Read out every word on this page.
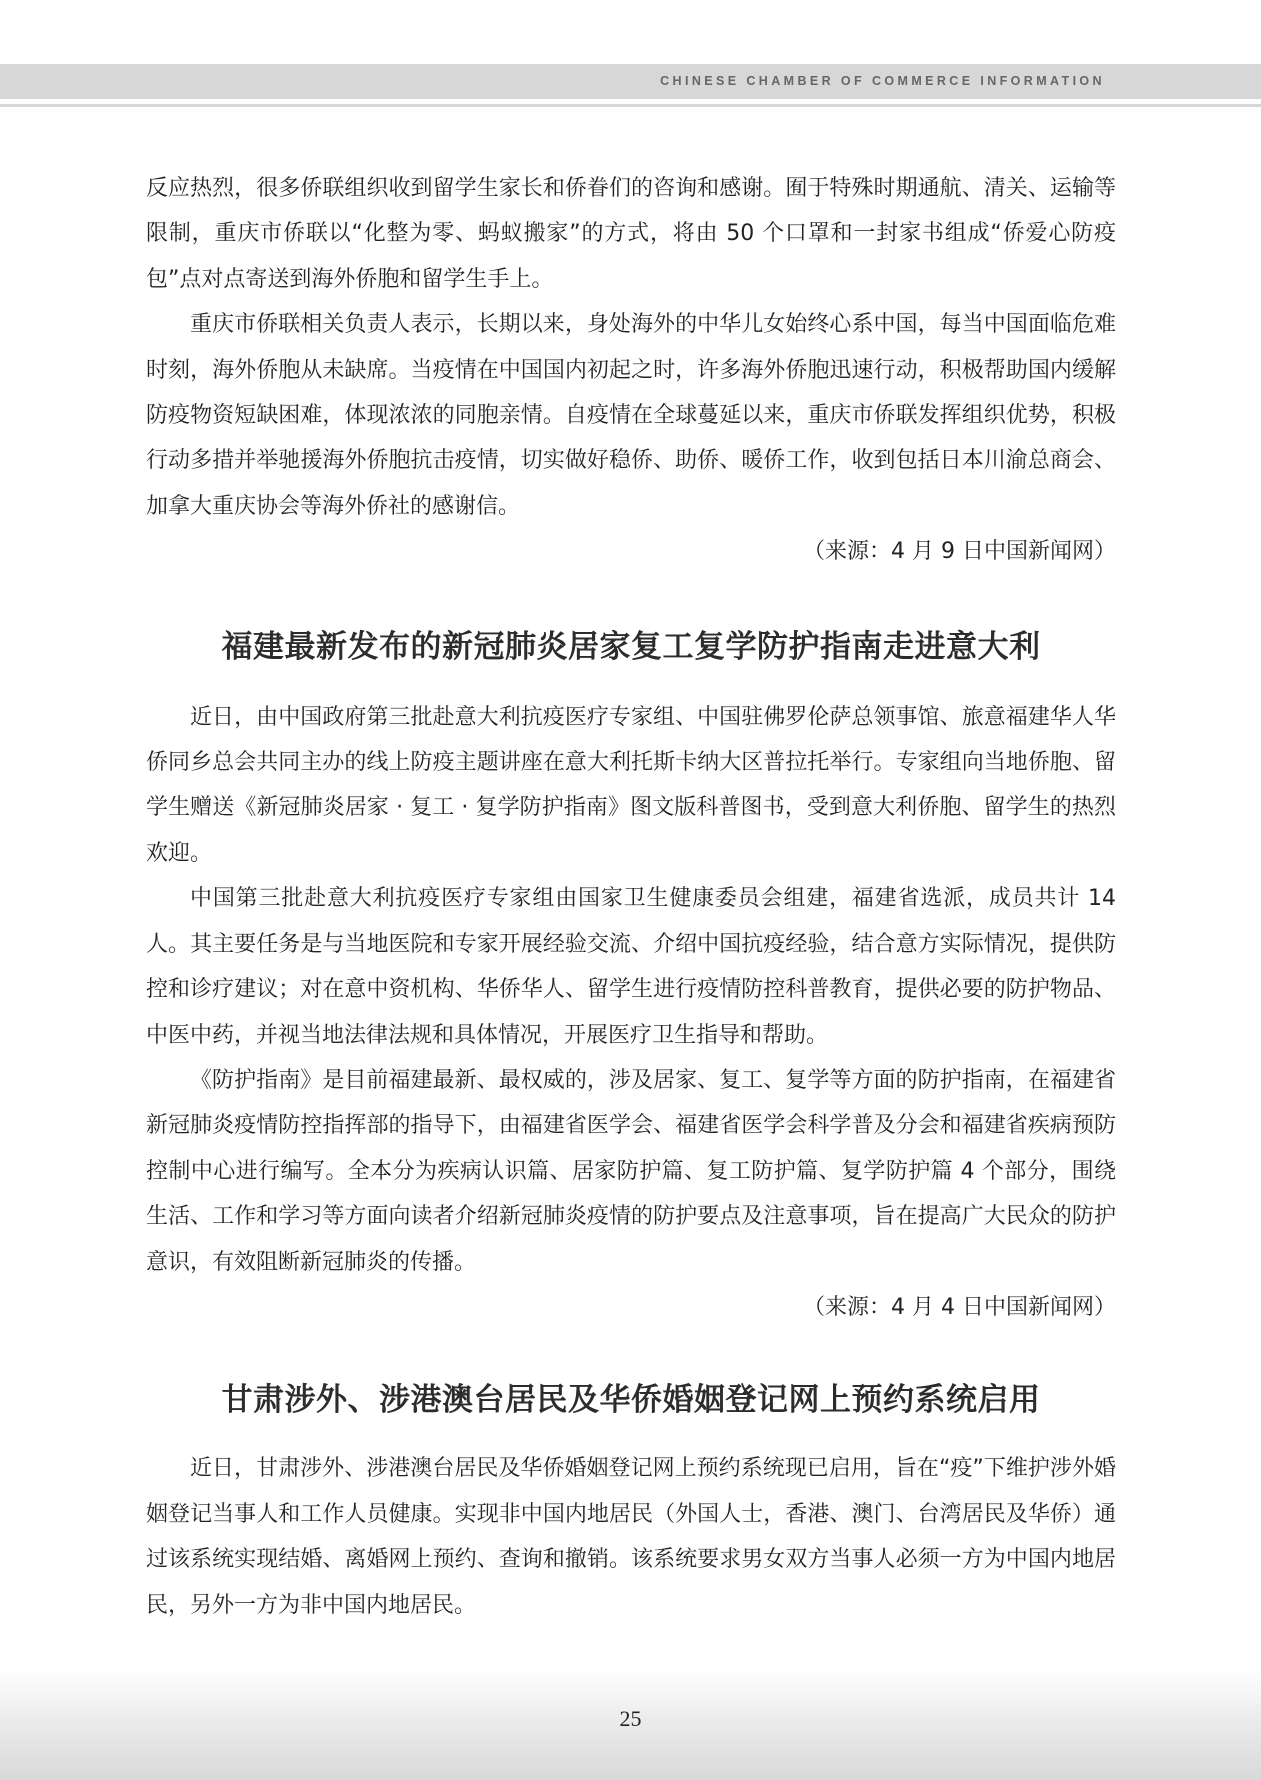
CHINESE CHAMBER OF COMMERCE INFORMATION

反应热烈，很多侨联组织收到留学生家长和侨眷们的咨询和感谢。囿于特殊时期通航、清关、运输等限制，重庆市侨联以“化整为零、蚂蚁搬家”的方式，将由 50 个口罩和一封家书组成“侨爱心防疫包”点对点寄送到海外侨胞和留学生手上。

重庆市侨联相关负责人表示，长期以来，身处海外的中华儿女始终心系中国，每当中国面临危难时刻，海外侨胞从未缺席。当疫情在中国国内初起之时，许多海外侨胞迅速行动，积极帮助国内缓解防疫物资短缺困难，体现浓浓的同胞亲情。自疫情在全球蔓延以来，重庆市侨联发挥组织优势，积极行动多措并举驰援海外侨胞抗击疫情，切实做好稳侨、助侨、暖侨工作，收到包括日本川渝总商会、加拿大重庆协会等海外侨社的感谢信。

（来源：4 月 9 日中国新闻网）

福建最新发布的新冠肺炎居家复工复学防护指南走进意大利

近日，由中国政府第三批赴意大利抗疫医疗专家组、中国驻佛罗伦萨总领事馆、旅意福建华人华侨同乡总会共同主办的线上防疫主题讲座在意大利托斯卡纳大区普拉托举行。专家组向当地侨胞、留学生赠送《新冠肺炎居家 · 复工 · 复学防护指南》图文版科普图书，受到意大利侨胞、留学生的热烈欢迎。

中国第三批赴意大利抗疫医疗专家组由国家卫生健康委员会组建，福建省选派，成员共计 14 人。其主要任务是与当地医院和专家开展经验交流、介绍中国抗疫经验，结合意方实际情况，提供防控和诊疗建议；对在意中资机构、华侨华人、留学生进行疫情防控科普教育，提供必要的防护物品、中医中药，并视当地法律法规和具体情况，开展医疗卫生指导和帮助。

《防护指南》是目前福建最新、最权威的，涉及居家、复工、复学等方面的防护指南，在福建省新冠肺炎疫情防控指挥部的指导下，由福建省医学会、福建省医学会科学普及分会和福建省疾病预防控制中心进行编写。全本分为疾病认识篇、居家防护篇、复工防护篇、复学防护篇 4 个部分，围绕生活、工作和学习等方面向读者介绍新冠肺炎疫情的防护要点及注意事项，旨在提高广大民众的防护意识，有效阻断新冠肺炎的传播。

（来源：4 月 4 日中国新闻网）

甘肃涉外、涉港澳台居民及华侨婚姻登记网上预约系统启用

近日，甘肃涉外、涉港澳台居民及华侨婚姻登记网上预约系统现已启用，旨在“疫”下维护涉外婚姻登记当事人和工作人员健康。实现非中国内地居民（外国人士，香港、澳门、台湾居民及华侨）通过该系统实现结婚、离婚网上预约、查询和撤销。该系统要求男女双方当事人必须一方为中国内地居民，另外一方为非中国内地居民。

25
